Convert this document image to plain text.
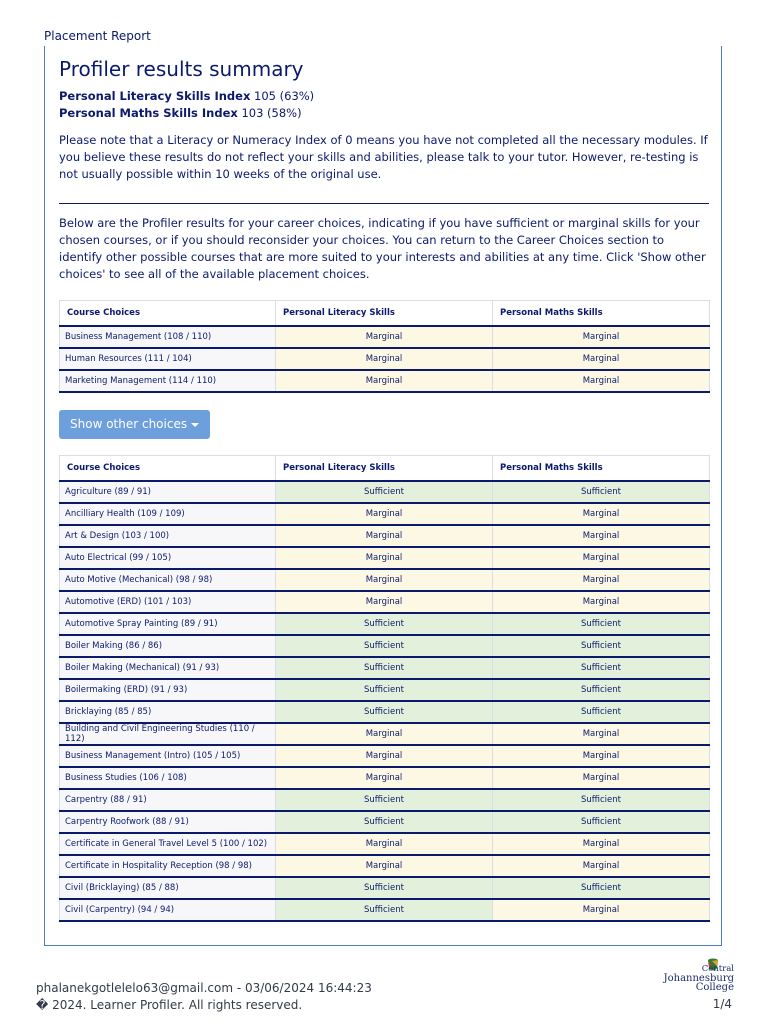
Placement Report
Profiler results summary
Personal Literacy Skills Index 105 (63%)
Personal Maths Skills Index 103 (58%)

Please note that a Literacy or Numeracy Index of 0 means you have not completed all the necessary modules. If you believe these results do not reflect your skills and abilities, please talk to your tutor. However, re-testing is not usually possible within 10 weeks of the original use.

Below are the Profiler results for your career choices, indicating if you have sufficient or marginal skills for your chosen courses, or if you should reconsider your choices. You can return to the Career Choices section to identify other possible courses that are more suited to your interests and abilities at any time. Click 'Show other choices' to see all of the available placement choices.

Course Choices	Personal Literacy Skills	Personal Maths Skills
Business Management (108 / 110)	Marginal	Marginal
Human Resources (111 / 104)	Marginal	Marginal
Marketing Management (114 / 110)	Marginal	Marginal
Show other choices
Course Choices	Personal Literacy Skills	Personal Maths Skills
Agriculture (89 / 91)	Sufficient	Sufficient
Ancilliary Health (109 / 109)	Marginal	Marginal
Art & Design (103 / 100)	Marginal	Marginal
Auto Electrical (99 / 105)	Marginal	Marginal
Auto Motive (Mechanical) (98 / 98)	Marginal	Marginal
Automotive (ERD) (101 / 103)	Marginal	Marginal
Automotive Spray Painting (89 / 91)	Sufficient	Sufficient
Boiler Making (86 / 86)	Sufficient	Sufficient
Boiler Making (Mechanical) (91 / 93)	Sufficient	Sufficient
Boilermaking (ERD) (91 / 93)	Sufficient	Sufficient
Bricklaying (85 / 85)	Sufficient	Sufficient
Building and Civil Engineering Studies (110 / 112)	Marginal	Marginal
Business Management (Intro) (105 / 105)	Marginal	Marginal
Business Studies (106 / 108)	Marginal	Marginal
Carpentry (88 / 91)	Sufficient	Sufficient
Carpentry Roofwork (88 / 91)	Sufficient	Sufficient
Certificate in General Travel Level 5 (100 / 102)	Marginal	Marginal
Certificate in Hospitality Reception (98 / 98)	Marginal	Marginal
Civil (Bricklaying) (85 / 88)	Sufficient	Sufficient
Civil (Carpentry) (94 / 94)	Sufficient	Marginal
phalanekgotlelelo63@gmail.com - 03/06/2024 16:44:23
� 2024. Learner Profiler. All rights reserved.	1/4
Central
Johannesburg
College
